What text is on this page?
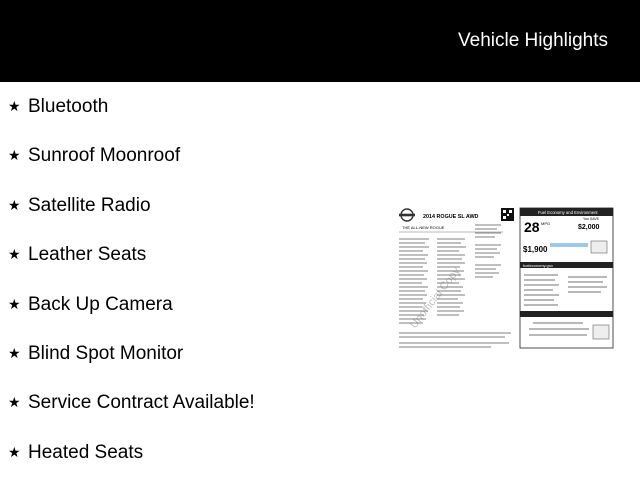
Vehicle Highlights
★ Bluetooth
★ Sunroof Moonroof
★ Satellite Radio
★ Leather Seats
★ Back Up Camera
★ Blind Spot Monitor
★ Service Contract Available!
★ Heated Seats
2014 ROGUE SL AWD
THE ALL-NEW ROGUE
Unofficial Copy
Fuel Economy and Environment
28 MPG
You SAVE
$2,000
$1,900
fueleconomy.gov
